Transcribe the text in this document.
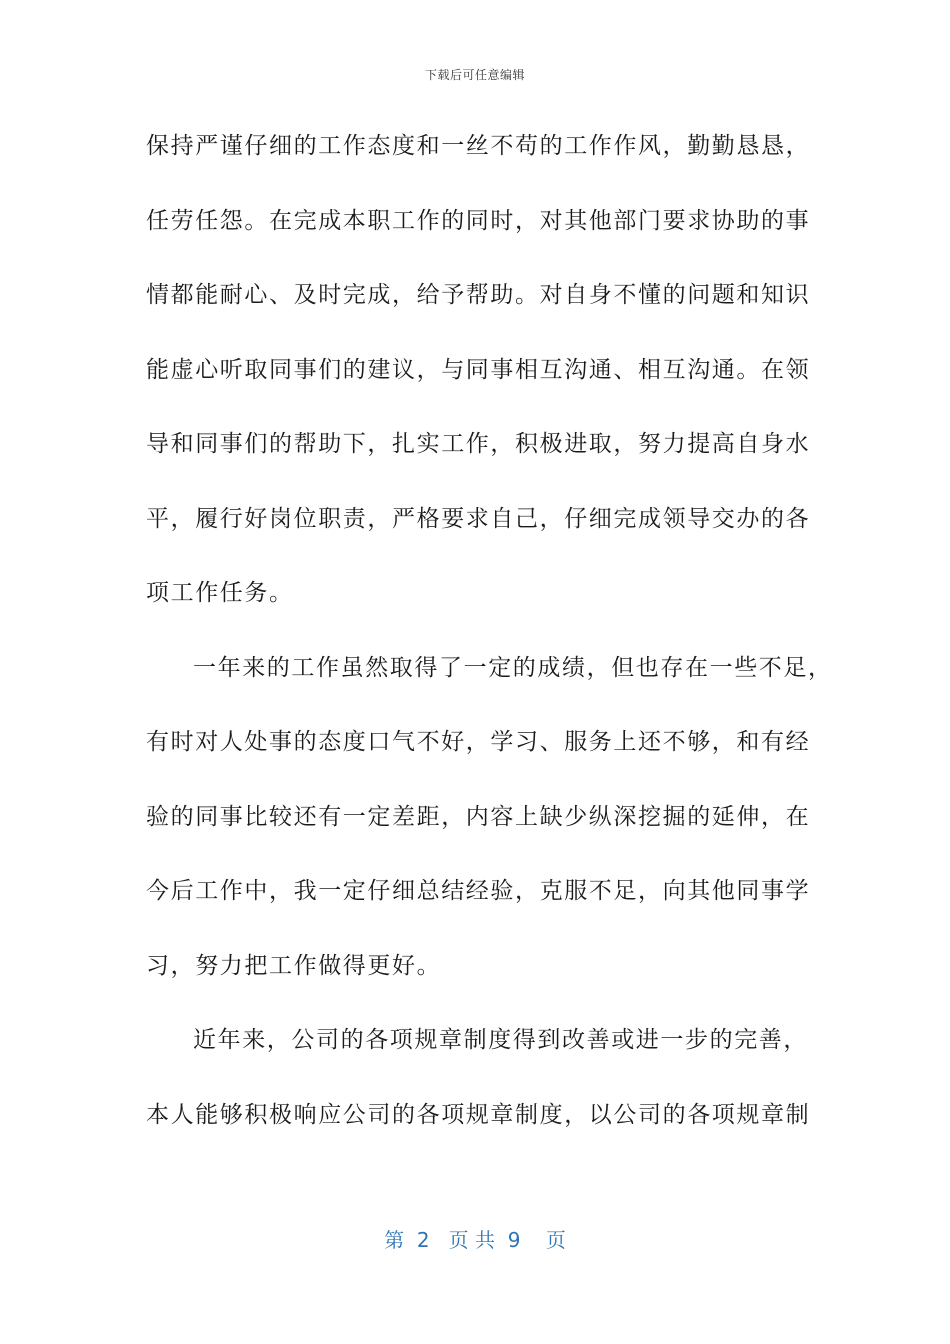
下载后可任意编辑
保持严谨仔细的工作态度和一丝不苟的工作作风，勤勤恳恳，
任劳任怨。在完成本职工作的同时，对其他部门要求协助的事
情都能耐心、及时完成，给予帮助。对自身不懂的问题和知识
能虚心听取同事们的建议，与同事相互沟通、相互沟通。在领
导和同事们的帮助下，扎实工作，积极进取，努力提高自身水
平，履行好岗位职责，严格要求自己，仔细完成领导交办的各
项工作任务。
一年来的工作虽然取得了一定的成绩，但也存在一些不足，
有时对人处事的态度口气不好，学习、服务上还不够，和有经
验的同事比较还有一定差距，内容上缺少纵深挖掘的延伸，在
今后工作中，我一定仔细总结经验，克服不足，向其他同事学
习，努力把工作做得更好。
近年来，公司的各项规章制度得到改善或进一步的完善，
本人能够积极响应公司的各项规章制度，以公司的各项规章制
第  2   页 共  9    页
